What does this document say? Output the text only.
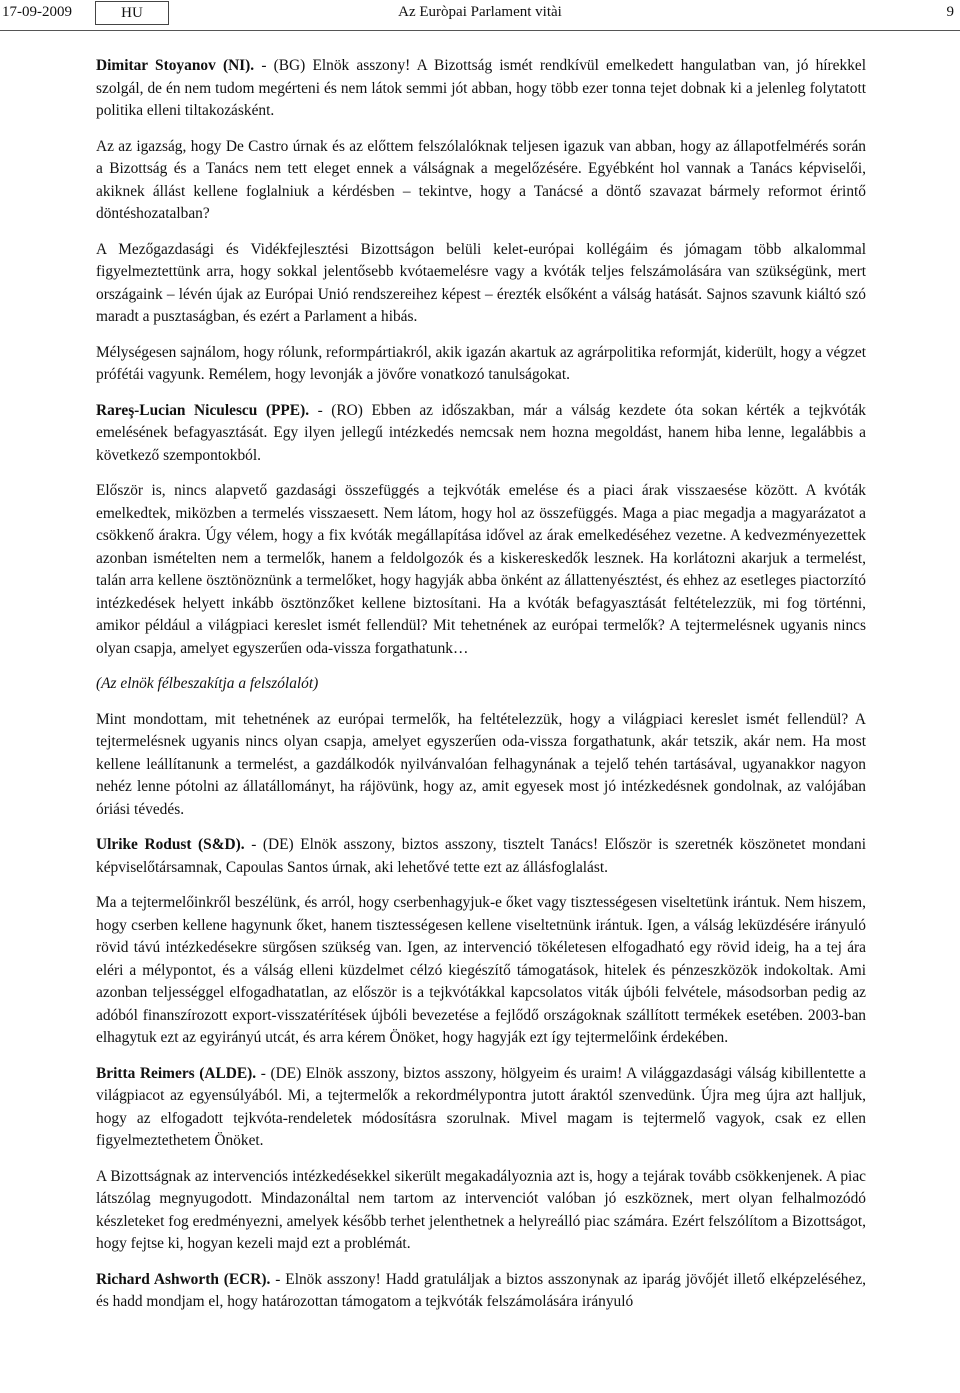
17-09-2009	HU	Az Euròpai Parlament vitài	9

Dimitar Stoyanov (NI). - (BG) Elnök asszony! A Bizottság ismét rendkívül emelkedett hangulatban van, jó hírekkel szolgál, de én nem tudom megérteni és nem látok semmi jót abban, hogy több ezer tonna tejet dobnak ki a jelenleg folytatott politika elleni tiltakozásként.

Az az igazság, hogy De Castro úrnak és az előttem felszólalóknak teljesen igazuk van abban, hogy az állapotfelmérés során a Bizottság és a Tanács nem tett eleget ennek a válságnak a megelőzésére. Egyébként hol vannak a Tanács képviselői, akiknek állást kellene foglalniuk a kérdésben – tekintve, hogy a Tanácsé a döntő szavazat bármely reformot érintő döntéshozatalban?

A Mezőgazdasági és Vidékfejlesztési Bizottságon belüli kelet-európai kollégáim és jómagam több alkalommal figyelmeztettünk arra, hogy sokkal jelentősebb kvótaemelésre vagy a kvóták teljes felszámolására van szükségünk, mert országaink – lévén újak az Európai Unió rendszereihez képest – érezték elsőként a válság hatását. Sajnos szavunk kiáltó szó maradt a pusztaságban, és ezért a Parlament a hibás.

Mélységesen sajnálom, hogy rólunk, reformpártiakról, akik igazán akartuk az agrárpolitika reformját, kiderült, hogy a végzet prófétái vagyunk. Remélem, hogy levonják a jövőre vonatkozó tanulságokat.

Rareş-Lucian Niculescu (PPE). - (RO) Ebben az időszakban, már a válság kezdete óta sokan kérték a tejkvóták emelésének befagyasztását. Egy ilyen jellegű intézkedés nemcsak nem hozna megoldást, hanem hiba lenne, legalábbis a következő szempontokból.

Először is, nincs alapvető gazdasági összefüggés a tejkvóták emelése és a piaci árak visszaesése között. A kvóták emelkedtek, miközben a termelés visszaesett. Nem látom, hogy hol az összefüggés. Maga a piac megadja a magyarázatot a csökkenő árakra. Úgy vélem, hogy a fix kvóták megállapítása idővel az árak emelkedéséhez vezetne. A kedvezményezettek azonban ismételten nem a termelők, hanem a feldolgozók és a kiskereskedők lesznek. Ha korlátozni akarjuk a termelést, talán arra kellene ösztönöznünk a termelőket, hogy hagyják abba önként az állattenyésztést, és ehhez az esetleges piactorzító intézkedések helyett inkább ösztönzőket kellene biztosítani. Ha a kvóták befagyasztását feltételezzük, mi fog történni, amikor például a világpiaci kereslet ismét fellendül? Mit tehetnének az európai termelők? A tejtermelésnek ugyanis nincs olyan csapja, amelyet egyszerűen oda-vissza forgathatunk…

(Az elnök félbeszakítja a felszólalót)

Mint mondottam, mit tehetnének az európai termelők, ha feltételezzük, hogy a világpiaci kereslet ismét fellendül? A tejtermelésnek ugyanis nincs olyan csapja, amelyet egyszerűen oda-vissza forgathatunk, akár tetszik, akár nem. Ha most kellene leállítanunk a termelést, a gazdálkodók nyilvánvalóan felhagynának a tejelő tehén tartásával, ugyanakkor nagyon nehéz lenne pótolni az állatállományt, ha rájövünk, hogy az, amit egyesek most jó intézkedésnek gondolnak, az valójában óriási tévedés.

Ulrike Rodust (S&D). - (DE) Elnök asszony, biztos asszony, tisztelt Tanács! Először is szeretnék köszönetet mondani képviselőtársamnak, Capoulas Santos úrnak, aki lehetővé tette ezt az állásfoglalást.

Ma a tejtermelőinkről beszélünk, és arról, hogy cserbenhagyjuk-e őket vagy tisztességesen viseltetünk irántuk. Nem hiszem, hogy cserben kellene hagynunk őket, hanem tisztességesen kellene viseltetnünk irántuk. Igen, a válság leküzdésére irányuló rövid távú intézkedésekre sürgősen szükség van. Igen, az intervenció tökéletesen elfogadható egy rövid ideig, ha a tej ára eléri a mélypontot, és a válság elleni küzdelmet célzó kiegészítő támogatások, hitelek és pénzeszközök indokoltak. Ami azonban teljességgel elfogadhatatlan, az először is a tejkvótákkal kapcsolatos viták újbóli felvétele, másodsorban pedig az adóból finanszírozott export-visszatérítések újbóli bevezetése a fejlődő országoknak szállított termékek esetében. 2003-ban elhagytuk ezt az egyirányú utcát, és arra kérem Önöket, hogy hagyják ezt így tejtermelőink érdekében.

Britta Reimers (ALDE). - (DE) Elnök asszony, biztos asszony, hölgyeim és uraim! A világgazdasági válság kibillentette a világpiacot az egyensúlyából. Mi, a tejtermelők a rekordmélypontra jutott áraktól szenvedünk. Újra meg újra azt halljuk, hogy az elfogadott tejkvóta-rendeletek módosításra szorulnak. Mivel magam is tejtermelő vagyok, csak ez ellen figyelmeztethetem Önöket.

A Bizottságnak az intervenciós intézkedésekkel sikerült megakadályoznia azt is, hogy a tejárak tovább csökkenjenek. A piac látszólag megnyugodott. Mindazonáltal nem tartom az intervenciót valóban jó eszköznek, mert olyan felhalmozódó készleteket fog eredményezni, amelyek később terhet jelenthetnek a helyreálló piac számára. Ezért felszólítom a Bizottságot, hogy fejtse ki, hogyan kezeli majd ezt a problémát.

Richard Ashworth (ECR). - Elnök asszony! Hadd gratuláljak a biztos asszonynak az iparág jövőjét illető elképzeléséhez, és hadd mondjam el, hogy határozottan támogatom a tejkvóták felszámolására irányuló
